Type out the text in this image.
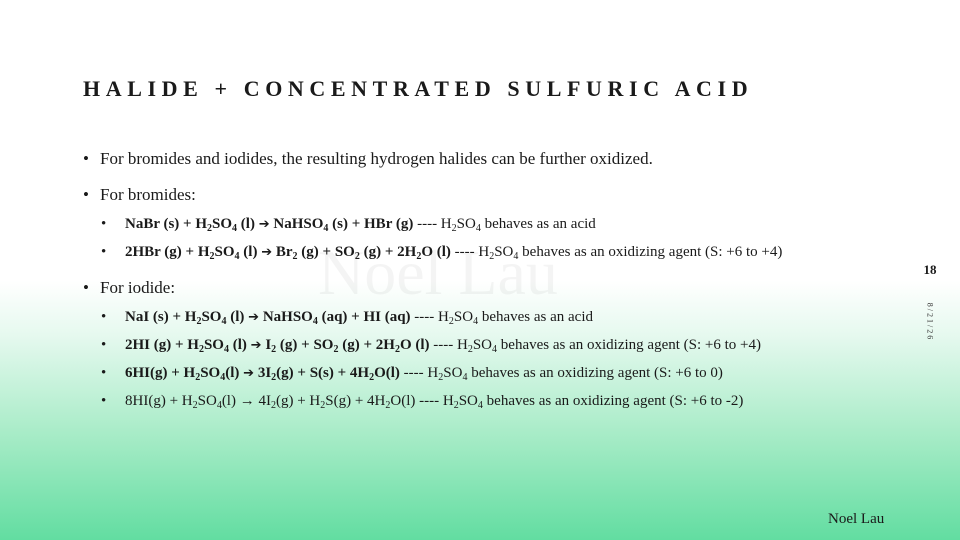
HALIDE + CONCENTRATED SULFURIC ACID
18
8/21/26
• For bromides and iodides, the resulting hydrogen halides can be further oxidized.
• For bromides:
• NaBr $(s) + H_2SO_4$ (l) ➔ NaHSO$_4$ (s) + HBr (g) ---- $H_2SO_4$ behaves as an acid
• 2HBr $(g) + H_2SO_4$ (l) ➔ $Br_2$ $(g) + SO_2$ $(g) + 2H_2O$ (l) ---- $H_2SO_4$ behaves as an oxidizing agent (S: +6 to +4)
• For iodide:
• NaI $(s) + H_2SO_4$ (l) ➔ NaHSO$_4$ (aq) + HI (aq) ---- $H_2SO_4$ behaves as an acid
• 2HI $(g) + H_2SO_4$ (l) ➔ $I_2$ $(g) + SO_2$ $(g) + 2H_2O$ (l) ---- $H_2SO_4$ behaves as an oxidizing agent (S: +6 to +4)
• $6HI(g) + H_2SO_4(l)$ ➔ $3I_2(g) + S(s) + 4H_2O(l)$ ---- $H_2SO_4$ behaves as an oxidizing agent (S: +6 to 0)
• $8HI(g) + H_2SO_4(l) \to 4I_2(g) + H_2S(g) + 4H_2O(l)$ ---- $H_2SO_4$ behaves as an oxidizing agent (S: +6 to -2)
Noel Lau
